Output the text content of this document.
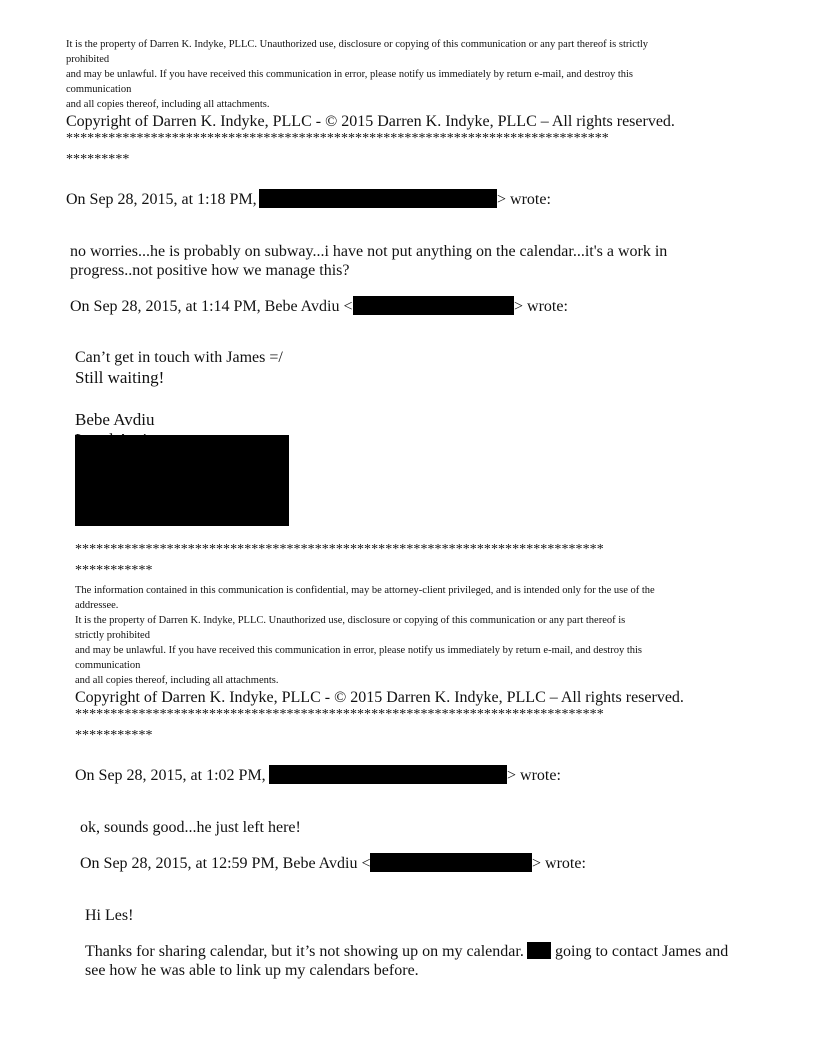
It is the property of Darren K. Indyke, PLLC. Unauthorized use, disclosure or copying of this communication or any part thereof is strictly
prohibited
and may be unlawful. If you have received this communication in error, please notify us immediately by return e-mail, and destroy this
communication
and all copies thereof, including all attachments.
Copyright of Darren K. Indyke, PLLC - © 2015 Darren K. Indyke, PLLC – All rights reserved.
*****************************************************************************
*********
On Sep 28, 2015, at 1:18 PM,	> wrote:
no worries...he is probably on subway...i have not put anything on the calendar...it's a work in
progress..not positive how we manage this?
On Sep 28, 2015, at 1:14 PM, Bebe Avdiu <	> wrote:
Can’t get in touch with James =/
Still waiting!
Bebe Avdiu
***************************************************************************
***********
The information contained in this communication is confidential, may be attorney-client privileged, and is intended only for the use of the
addressee.
It is the property of Darren K. Indyke, PLLC. Unauthorized use, disclosure or copying of this communication or any part thereof is
strictly prohibited
and may be unlawful. If you have received this communication in error, please notify us immediately by return e-mail, and destroy this
communication
and all copies thereof, including all attachments.
Copyright of Darren K. Indyke, PLLC - © 2015 Darren K. Indyke, PLLC – All rights reserved.
***************************************************************************
***********
On Sep 28, 2015, at 1:02 PM,	> wrote:
ok, sounds good...he just left here!
On Sep 28, 2015, at 12:59 PM, Bebe Avdiu <	> wrote:
Hi Les!
Thanks for sharing calendar, but it’s not showing up on my calendar. going to contact James and
see how he was able to link up my calendars before.
